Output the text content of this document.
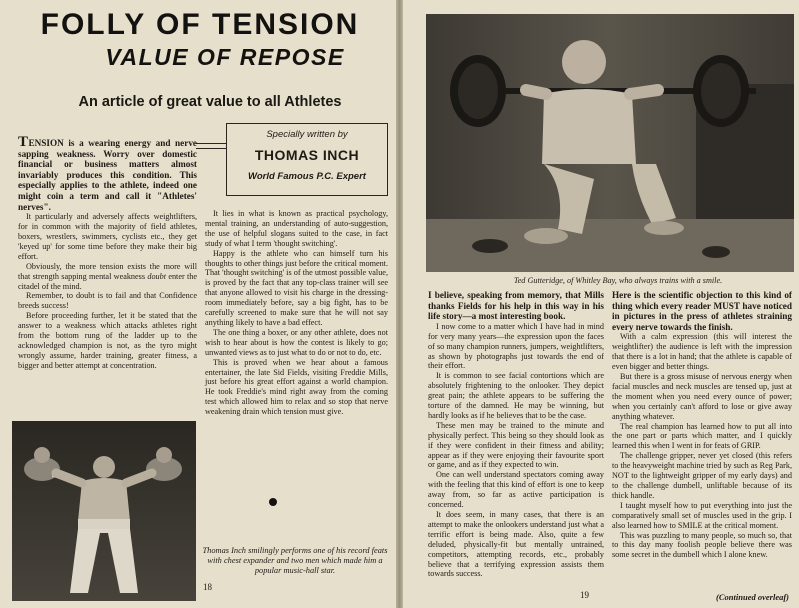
FOLLY OF TENSION
VALUE OF REPOSE
An article of great value to all Athletes
Specially written by
THOMAS INCH
World Famous P.C. Expert

TENSION is a wearing energy and nerve sapping weakness. Worry over domestic financial or business matters almost invariably produces this condition. This especially applies to the athlete, indeed one might coin a term and call it "Athletes' nerves".

It particularly and adversely affects weightlifters, for in common with the majority of field athletes, boxers, wrestlers, swimmers, cyclists etc., they get 'keyed up' for some time before they make their big effort.

Obviously, the more tension exists the more will that strength sapping mental weakness doubt enter the citadel of the mind.

Remember, to doubt is to fail and that Confidence breeds success!

Before proceeding further, let it be stated that the answer to a weakness which attacks athletes right from the bottom rung of the ladder up to the acknowledged champion is not, as the tyro might wrongly assume, harder training, greater fitness, a bigger and better attempt at concentration.

It lies in what is known as practical psychology, mental training, an understanding of auto-suggestion, the use of helpful slogans suited to the case, in fact study of what I term 'thought switching'.

Happy is the athlete who can himself turn his thoughts to other things just before the critical moment. That 'thought switching' is of the utmost possible value, is proved by the fact that any top-class trainer will see that anyone allowed to visit his charge in the dressing-room immediately before, say a big fight, has to be carefully screened to make sure that he will not say anything likely to have a bad effect.

The one thing a boxer, or any other athlete, does not wish to hear about is how the contest is likely to go; unwanted views as to just what to do or not to do, etc.

This is proved when we hear about a famous entertainer, the late Sid Fields, visiting Freddie Mills, just before his great effort against a world champion. He took Freddie's mind right away from the coming test which allowed him to relax and so stop that nerve weakening drain which tension must give.

Thomas Inch smilingly performs one of his record feats with chest expander and two men which made him a popular music-hall star.
18
Ted Gutteridge, of Whitley Bay, who always trains with a smile.

I believe, speaking from memory, that Mills thanks Fields for his help in this way in his life story—a most interesting book.

I now come to a matter which I have had in mind for very many years—the expression upon the faces of so many champion runners, jumpers, weightlifters, as shown by photographs just towards the end of their effort.

It is common to see facial contortions which are absolutely frightening to the onlooker. They depict great pain; the athlete appears to be suffering the torture of the damned. He may be winning, but hardly looks as if he believes that to be the case.

These men may be trained to the minute and physically perfect. This being so they should look as if they were confident in their fitness and ability; appear as if they were enjoying their favourite sport or game, and as if they expected to win.

One can well understand spectators coming away with the feeling that this kind of effort is one to keep away from, so far as active participation is concerned.

It does seem, in many cases, that there is an attempt to make the onlookers understand just what a terrific effort is being made. Also, quite a few deluded, physically-fit but mentally untrained, competitors, attempting records, etc., probably believe that a terrifying expression assists them towards success.

Here is the scientific objection to this kind of thing which every reader MUST have noticed in pictures in the press of athletes straining every nerve towards the finish.

With a calm expression (this will interest the weightlifter) the audience is left with the impression that there is a lot in hand; that the athlete is capable of even bigger and better things.

But there is a gross misuse of nervous energy when facial muscles and neck muscles are tensed up, just at the moment when you need every ounce of power; when you certainly can't afford to lose or give away anything whatever.

The real champion has learned how to put all into the one part or parts which matter, and I quickly learned this when I went in for feats of GRIP.

The challenge gripper, never yet closed (this refers to the heavyweight machine tried by such as Reg Park, NOT to the lightweight gripper of my early days) and to the challenge dumbell, unliftable because of its thick handle.

I taught myself how to put everything into just the comparatively small set of muscles used in the grip. I also learned how to SMILE at the critical moment.

This was puzzling to many people, so much so, that to this day many foolish people believe there was some secret in the dumbell which I alone knew.

(Continued overleaf)
19
